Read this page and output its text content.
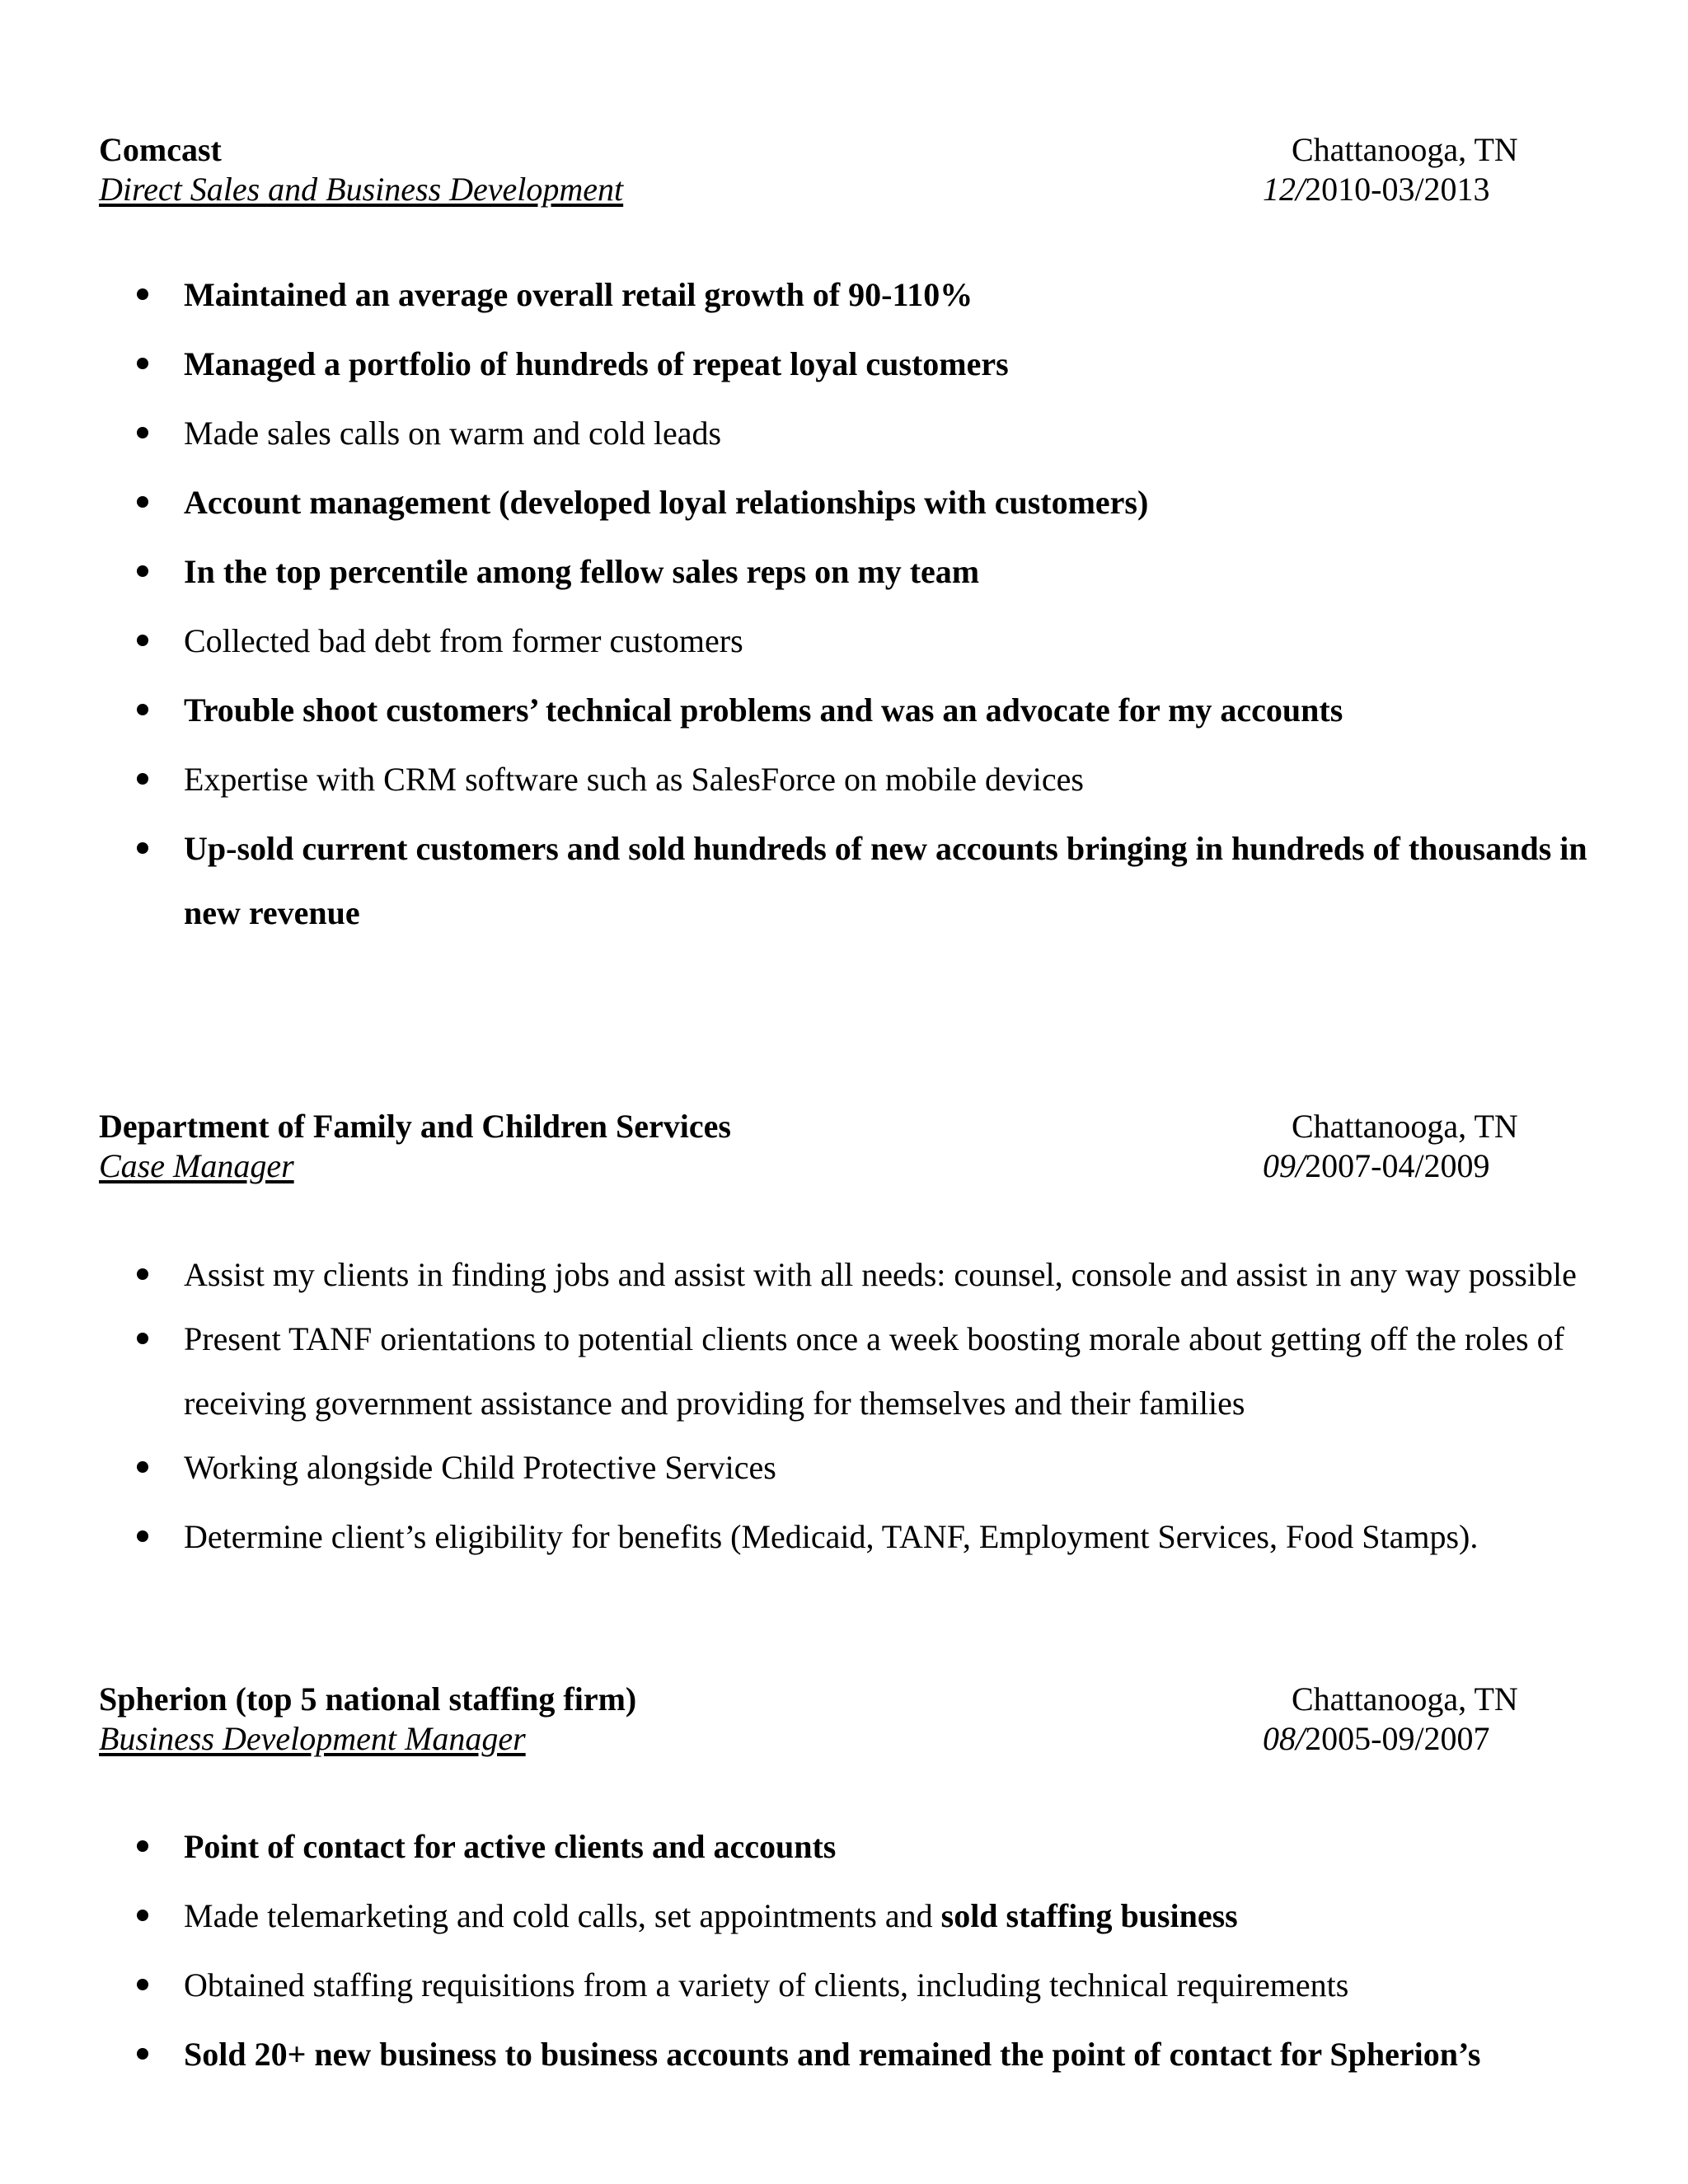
Comcast	Chattanooga, TN
Direct Sales and Business Development	12/2010-03/2013
Maintained an average overall retail growth of 90-110%
Managed a portfolio of hundreds of repeat loyal customers
Made sales calls on warm and cold leads
Account management (developed loyal relationships with customers)
In the top percentile among fellow sales reps on my team
Collected bad debt from former customers
Trouble shoot customers’ technical problems and was an advocate for my accounts
Expertise with CRM software such as SalesForce on mobile devices
Up-sold current customers and sold hundreds of new accounts bringing in hundreds of thousands in new revenue
Department of Family and Children Services	Chattanooga, TN
Case Manager	09/2007-04/2009
Assist my clients in finding jobs and assist with all needs: counsel, console and assist in any way possible
Present TANF orientations to potential clients once a week boosting morale about getting off the roles of receiving government assistance and providing for themselves and their families
Working alongside Child Protective Services
Determine client’s eligibility for benefits (Medicaid, TANF, Employment Services, Food Stamps).
Spherion (top 5 national staffing firm)	Chattanooga, TN
Business Development Manager	08/2005-09/2007
Point of contact for active clients and accounts
Made telemarketing and cold calls, set appointments and sold staffing business
Obtained staffing requisitions from a variety of clients, including technical requirements
Sold 20+ new business to business accounts and remained the point of contact for Spherion’s
